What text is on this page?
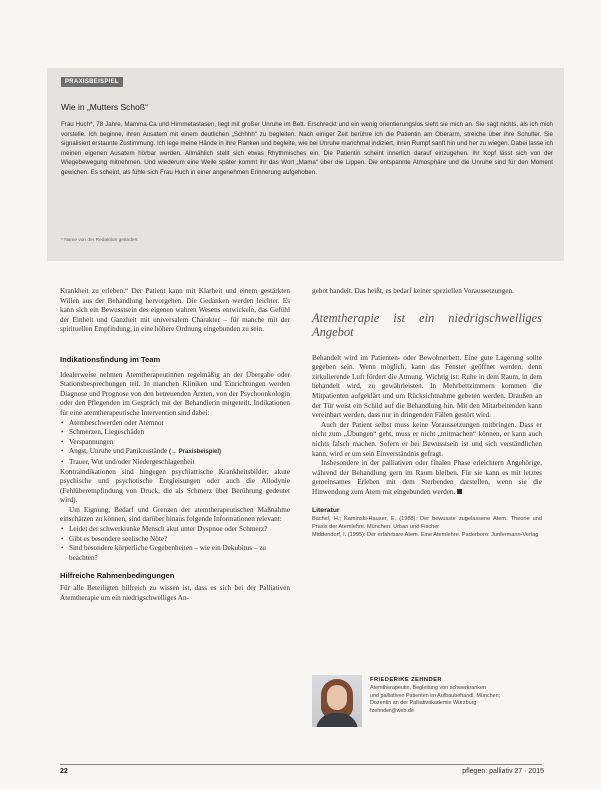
PRAXISBEISPIEL
Wie in „Mutters Schoß“

Frau Huch*, 78 Jahre, Mamma-Ca und Hirnmetastasen, liegt mit großer Unruhe im Bett. Erschreckt und ein wenig orientierungslos sieht sie mich an. Sie sagt nichts, als ich mich vorstelle. Ich beginne, ihren Ausatem mit einem deutlichen „Schhhh“ zu begleiten. Nach einiger Zeit berühre ich die Patientin am Oberarm, streiche über ihre Schulter. Sie signalisiert erstaunte Zustimmung. Ich lege meine Hände in ihre Flanken und begleite, wie bei Unruhe manchmal indiziert, ihren Rumpf sanft hin und her zu wiegen. Dabei lasse ich meinen eigenen Ausatem hörbar werden. Allmählich stellt sich etwas Rhythmisches ein. Die Patientin scheint innerlich darauf einzugehen. Ihr Kopf lässt sich von der Wiegebewegung mitnehmen. Und wiederum eine Weile später kommt ihr das Wort „Mama“ über die Lippen. Die entspannte Atmosphäre und die Unruhe sind für den Moment gewichen. Es scheint, als fühle sich Frau Huch in einer angenehmen Erinnerung aufgehoben.

* Name von der Redaktion geändert

Krankheit zu erleben.“ Der Patient kann mit Klarheit und einem gestärkten Willen aus der Behandlung hervorgehen. Die Gedanken werden leichter. Es kann sich ein Bewusstsein des eigenen wahren Wesens entwickeln, das Gefühl der Einheit und Ganzheit mit universalem Charakter – für manche mit der spirituellen Empfindung, in eine höhere Ordnung eingebunden zu sein.

Indikationsfindung im Team

Idealerweise nehmen Atemtherapeutinnen regelmäßig an der Übergabe oder Stationsbesprechungen teil. In manchen Kliniken und Einrichtungen werden Diagnose und Prognose von den betreuenden Ärzten, von der Psychoonkologin oder den Pflegenden im Gespräch mit der Behandlerin mitgeteilt. Indikationen für eine atemtherapeutische Intervention sind dabei:

• Atembeschwerden oder Atemnot
• Schmerzen, Liegeschäden
• Verspannungen
• Angst, Unruhe und Panikzustände (→ Praxisbeispiel)
• Trauer, Wut und/oder Niedergeschlagenheit

Kontraindikationen sind hingegen psychiatrische Krankheitsbilder, akute psychische und psychotische Entgleisungen oder auch die Allodynie (Fehlüberempfindung von Druck, die als Schmerz über Berührung gedeutet wird).

Um Eignung, Bedarf und Grenzen der atemtherapeutischen Maßnahme einschätzen zu können, sind darüber hinaus folgende Informationen relevant:

• Leidet der schwerkranke Mensch akut unter Dyspnoe oder Schmerz?
• Gibt es besondere seelische Nöte?
• Sind besondere körperliche Gegebenheiten – wie ein Dekubitus – zu beachten?

Hilfreiche Rahmenbedingungen

Für alle Beteiligten hilfreich zu wissen ist, dass es sich bei der Palliativen Atemtherapie um ein niedrigschwelliges An-

gebot handelt. Das heißt, es bedarf keiner speziellen Voraussetzungen.

Atemtherapie ist ein niedrigschwelliges Angebot

Behandelt wird im Patienten- oder Bewohnerbett. Eine gute Lagerung sollte gegeben sein. Wenn möglich, kann das Fenster geöffnet werden, denn zirkulierende Luft fördert die Atmung. Wichtig ist: Ruhe in dem Raum, in dem behandelt wird, zu gewährleisten. In Mehrbettzimmern kommen die Mitpatienten aufgeklärt und um Rücksichtnahme gebeten werden. Draußen an der Tür weist ein Schild auf die Behandlung hin. Mit den Mitarbeitenden kann vereinbart werden, dass nur in dringenden Fällen gestört wird.

Auch der Patient selbst muss keine Voraussetzungen mitbringen. Dass er nicht zum „Übungen“ geht, muss er nicht „mitmachen“ können, er kann auch nichts falsch machen. Sofern er bei Bewusstsein ist und sich verständlichen kann, wird er um sein Einverständnis gefragt.

Insbesondere in der palliativen oder finalen Phase erleichtern Angehörige, während der Behandlung gern im Raum bleiben. Für sie kann es mit letztes gemeinsames Erleben mit dem Sterbenden darstellen, wenn sie die Hinwendung zum Atem mit eingebunden werden.

Literatur

Bachel, H.; Kaminski-Hauser, E. (1988): Der bewusste zugelassene Atem. Theorie und Praxis der Atemlehre. München: Urban und Fischer

Middendorf, I. (1995): Der erfahrbare Atem. Eine Atemlehre. Paderborn: Junfermann-Verlag

FRIEDERIKE ZEHNDER

Atemtherapeutin, Begleitung von schwerkranken

und palliativen Patienten im Aufbaubehandl. München;

Dozentin an der Palliativakademie Würzburg

fzehnder@web.de

22	pflegen: palliativ 27 · 2015
